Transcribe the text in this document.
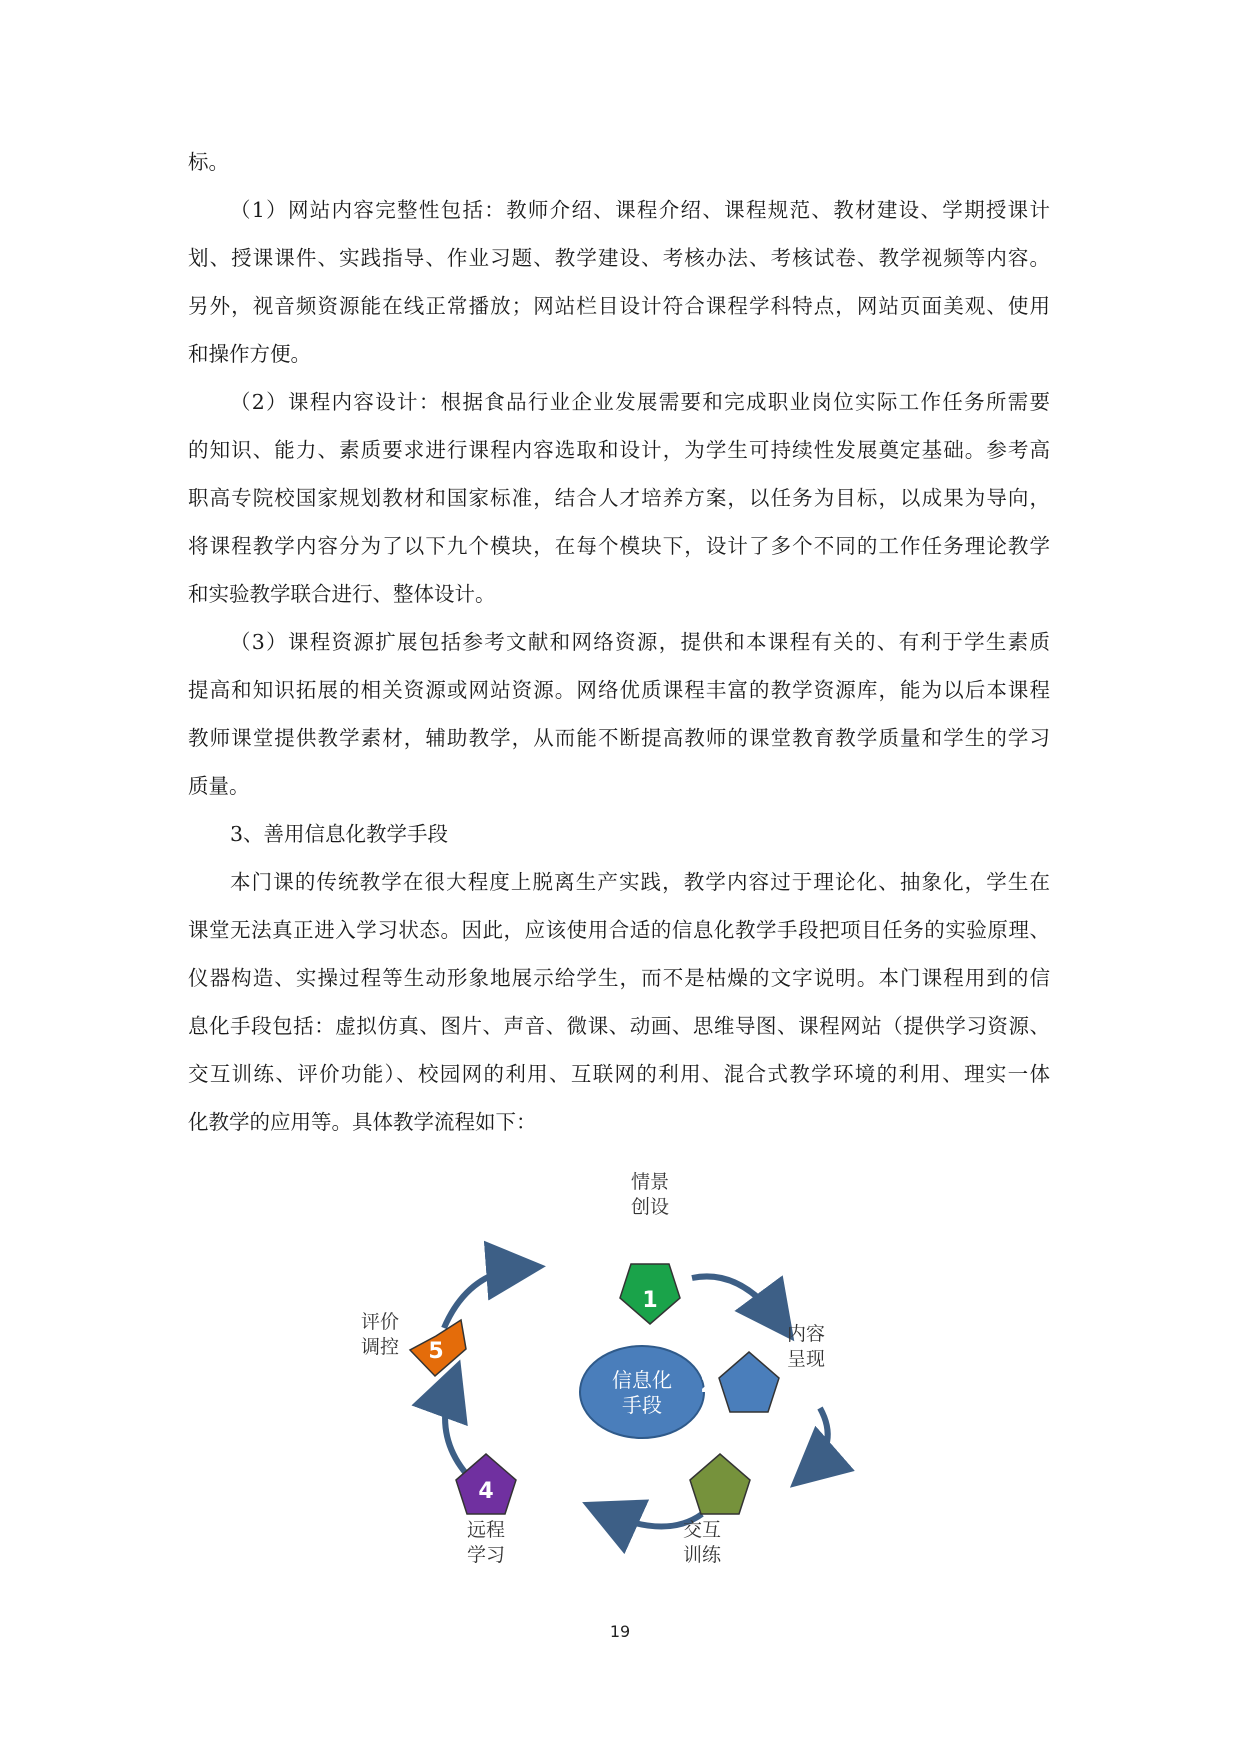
标。
（1）网站内容完整性包括：教师介绍、课程介绍、课程规范、教材建设、学期授课计
划、授课课件、实践指导、作业习题、教学建设、考核办法、考核试卷、教学视频等内容。
另外，视音频资源能在线正常播放；网站栏目设计符合课程学科特点，网站页面美观、使用
和操作方便。
（2）课程内容设计：根据食品行业企业发展需要和完成职业岗位实际工作任务所需要
的知识、能力、素质要求进行课程内容选取和设计，为学生可持续性发展奠定基础。参考高
职高专院校国家规划教材和国家标准，结合人才培养方案，以任务为目标，以成果为导向，
将课程教学内容分为了以下九个模块，在每个模块下，设计了多个不同的工作任务理论教学
和实验教学联合进行、整体设计。
（3）课程资源扩展包括参考文献和网络资源，提供和本课程有关的、有利于学生素质
提高和知识拓展的相关资源或网站资源。网络优质课程丰富的教学资源库，能为以后本课程
教师课堂提供教学素材，辅助教学，从而能不断提高教师的课堂教育教学质量和学生的学习
质量。
3、善用信息化教学手段
本门课的传统教学在很大程度上脱离生产实践，教学内容过于理论化、抽象化，学生在
课堂无法真正进入学习状态。因此，应该使用合适的信息化教学手段把项目任务的实验原理、
仪器构造、实操过程等生动形象地展示给学生，而不是枯燥的文字说明。本门课程用到的信
息化手段包括：虚拟仿真、图片、声音、微课、动画、思维导图、课程网站（提供学习资源、
交互训练、评价功能）、校园网的利用、互联网的利用、混合式教学环境的利用、理实一体
化教学的应用等。具体教学流程如下：
信息化
手段
1
2
3
4
5
情景
创设
内容
呈现
交互
训练
远程
学习
评价
调控
19
